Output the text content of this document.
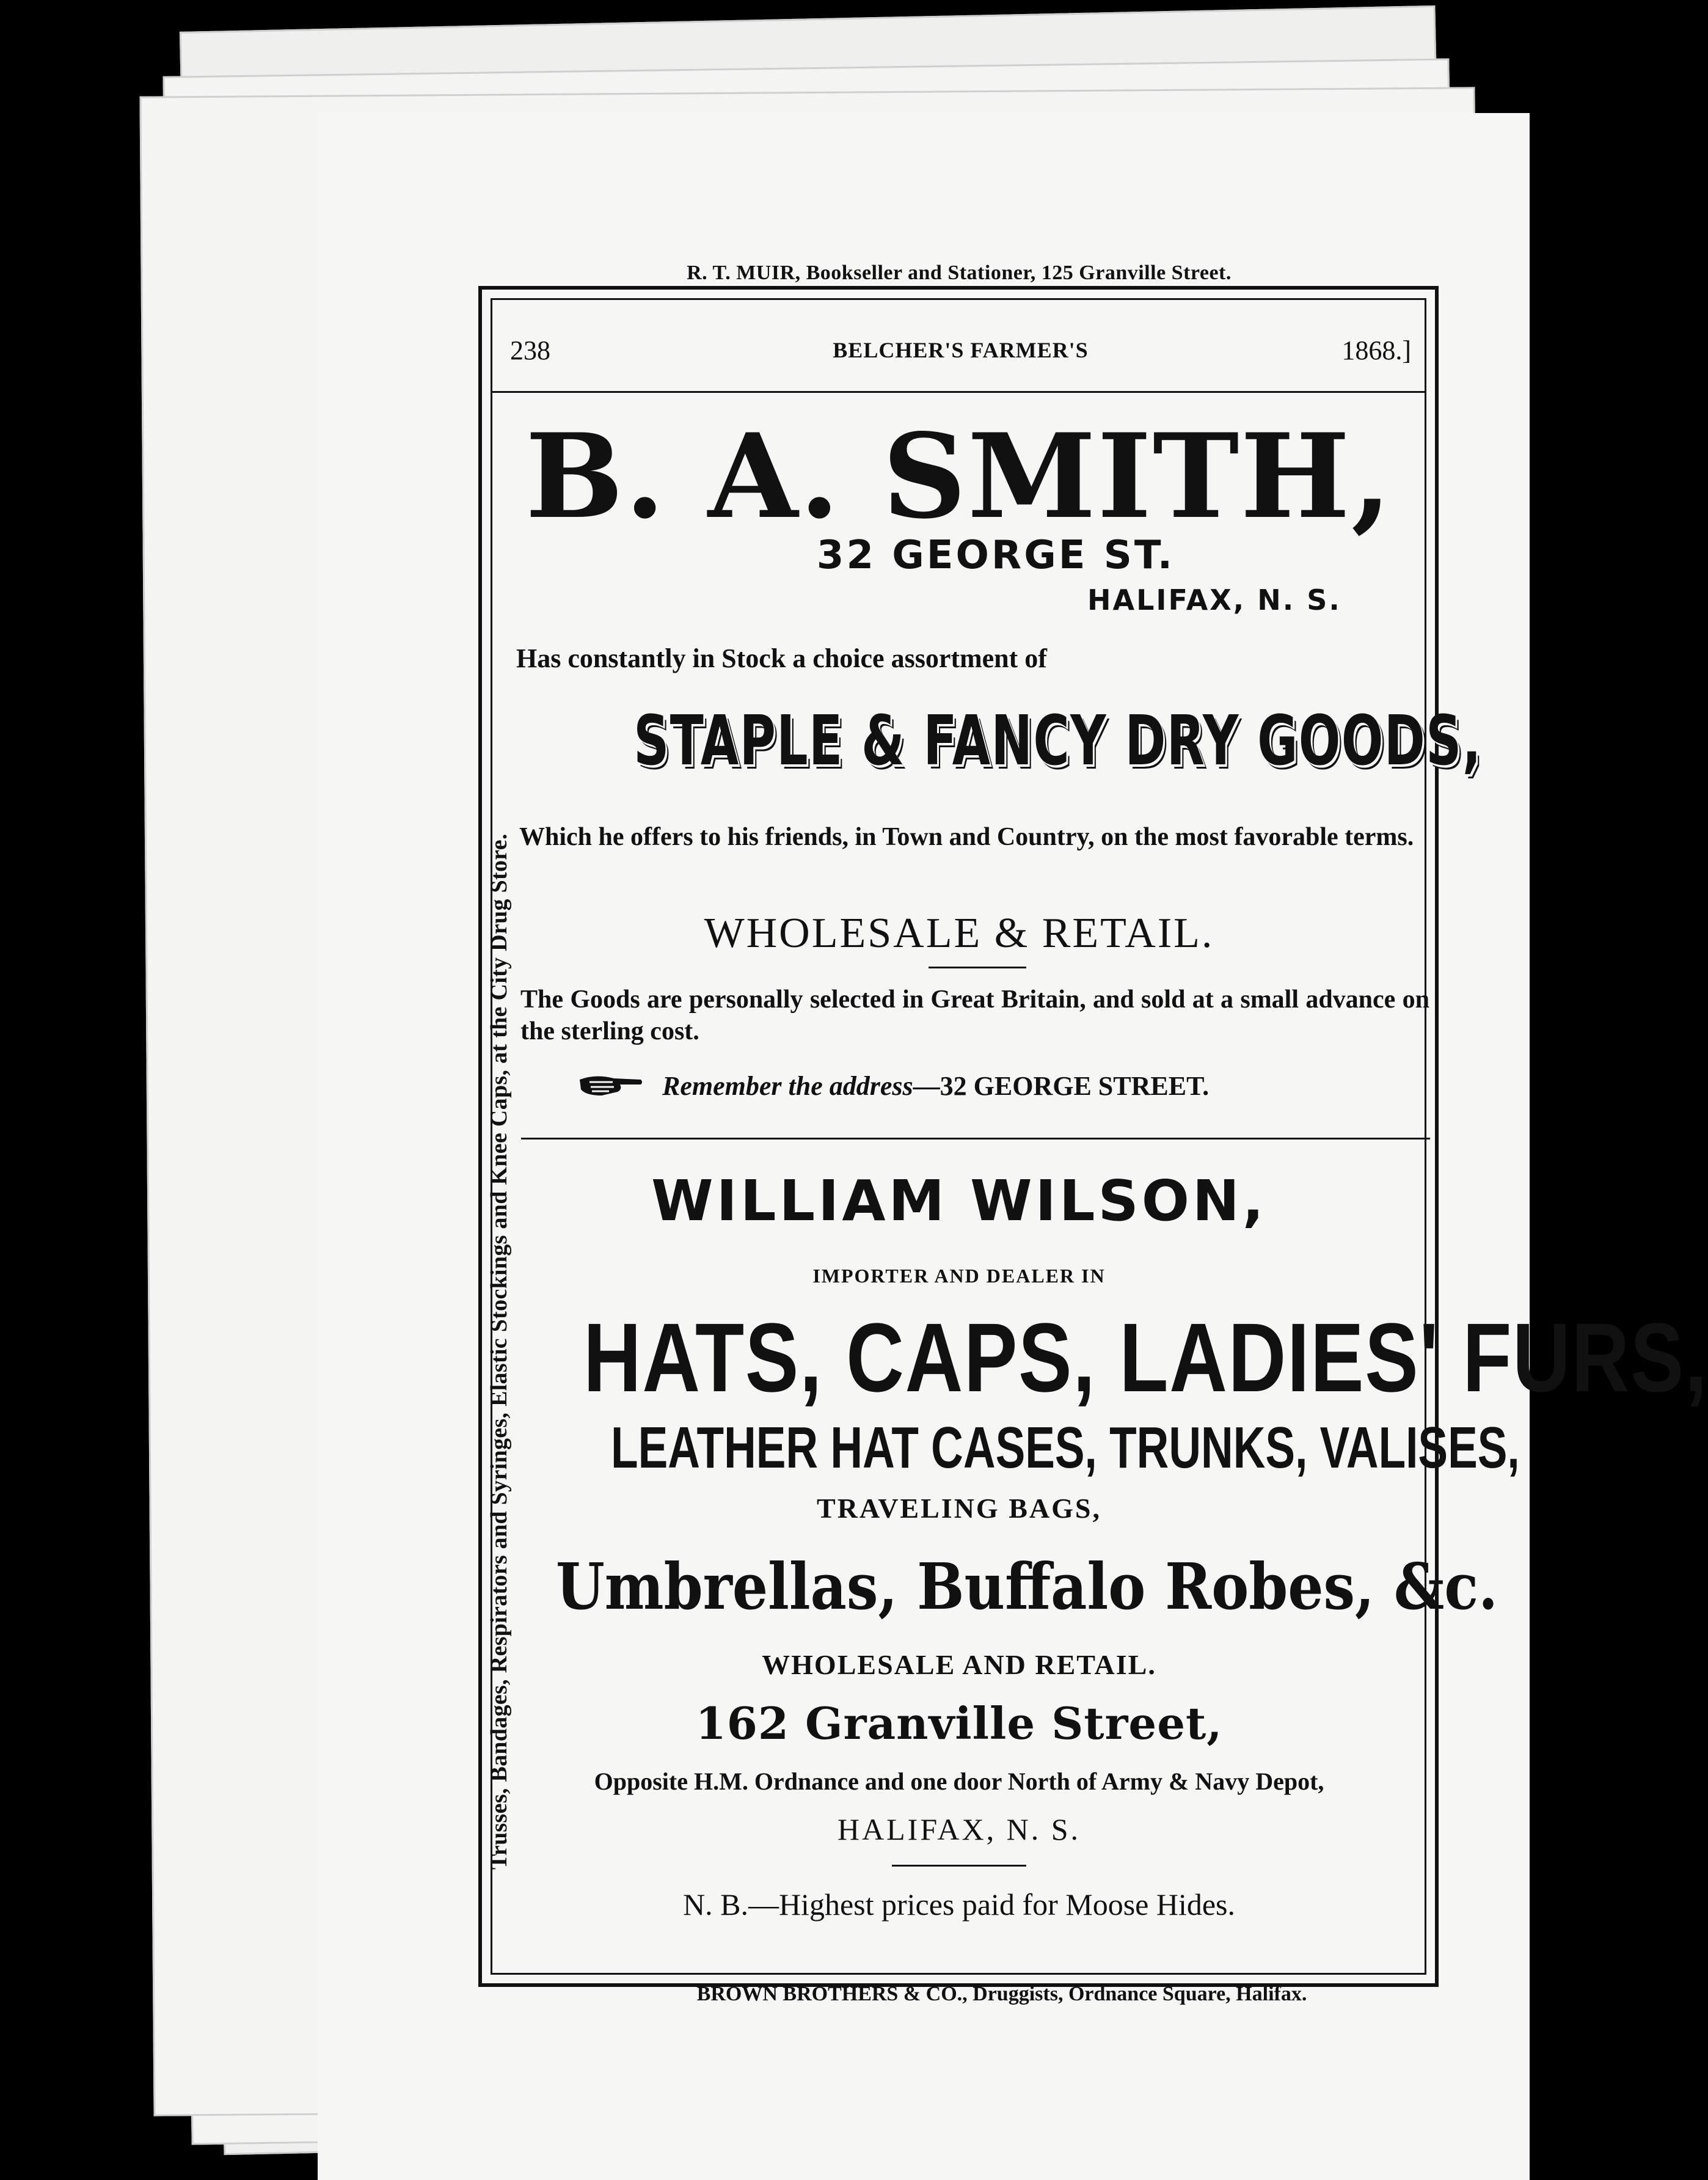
R. T. MUIR, Bookseller and Stationer, 125 Granville Street.
Trusses, Bandages, Respirators and Syringes, Elastic Stockings and Knee Caps, at the City Drug Store.
238	BELCHER'S FARMER'S	1868.]
B. A. SMITH,
32 GEORGE ST.
HALIFAX, N. S.
Has constantly in Stock a choice assortment of
STAPLE & FANCY DRY GOODS,
Which he offers to his friends, in Town and Country, on the most favorable terms.
WHOLESALE & RETAIL.
The Goods are personally selected in Great Britain, and sold at a small advance on the sterling cost.
Remember the address—32 GEORGE STREET.
WILLIAM WILSON,
IMPORTER AND DEALER IN
HATS, CAPS, LADIES' FURS,
LEATHER HAT CASES, TRUNKS, VALISES,
TRAVELING BAGS,
Umbrellas, Buffalo Robes, &c.
WHOLESALE AND RETAIL.
162 Granville Street,
Opposite H.M. Ordnance and one door North of Army & Navy Depot,
HALIFAX, N. S.
N. B.—Highest prices paid for Moose Hides.
BROWN BROTHERS & CO., Druggists, Ordnance Square, Halifax.
